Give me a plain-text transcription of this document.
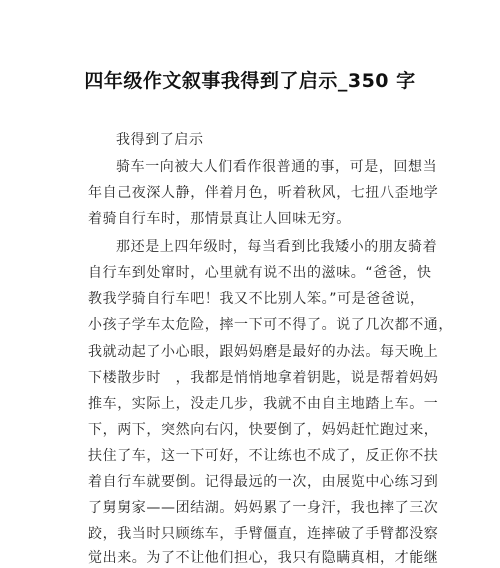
四年级作文叙事我得到了启示_350 字
我得到了启示
骑车一向被大人们看作很普通的事，可是，回想当
年自己夜深人静，伴着月色，听着秋风，七扭八歪地学
着骑自行车时，那情景真让人回味无穷。
那还是上四年级时，每当看到比我矮小的朋友骑着
自行车到处窜时，心里就有说不出的滋味。“爸爸，快
教我学骑自行车吧！我又不比别人笨。”可是爸爸说，
小孩子学车太危险，摔一下可不得了。说了几次都不通，
我就动起了小心眼，跟妈妈磨是最好的办法。每天晚上
下楼散步时　，我都是悄悄地拿着钥匙，说是帮着妈妈
推车，实际上，没走几步，我就不由自主地踏上车。一
下，两下，突然向右闪，快要倒了，妈妈赶忙跑过来，
扶住了车，这一下可好，不让练也不成了，反正你不扶
着自行车就要倒。记得最远的一次，由展览中心练习到
了舅舅家——团结湖。妈妈累了一身汗，我也摔了三次
跤，我当时只顾练车，手臂僵直，连摔破了手臂都没察
觉出来。为了不让他们担心，我只有隐瞒真相，才能继
